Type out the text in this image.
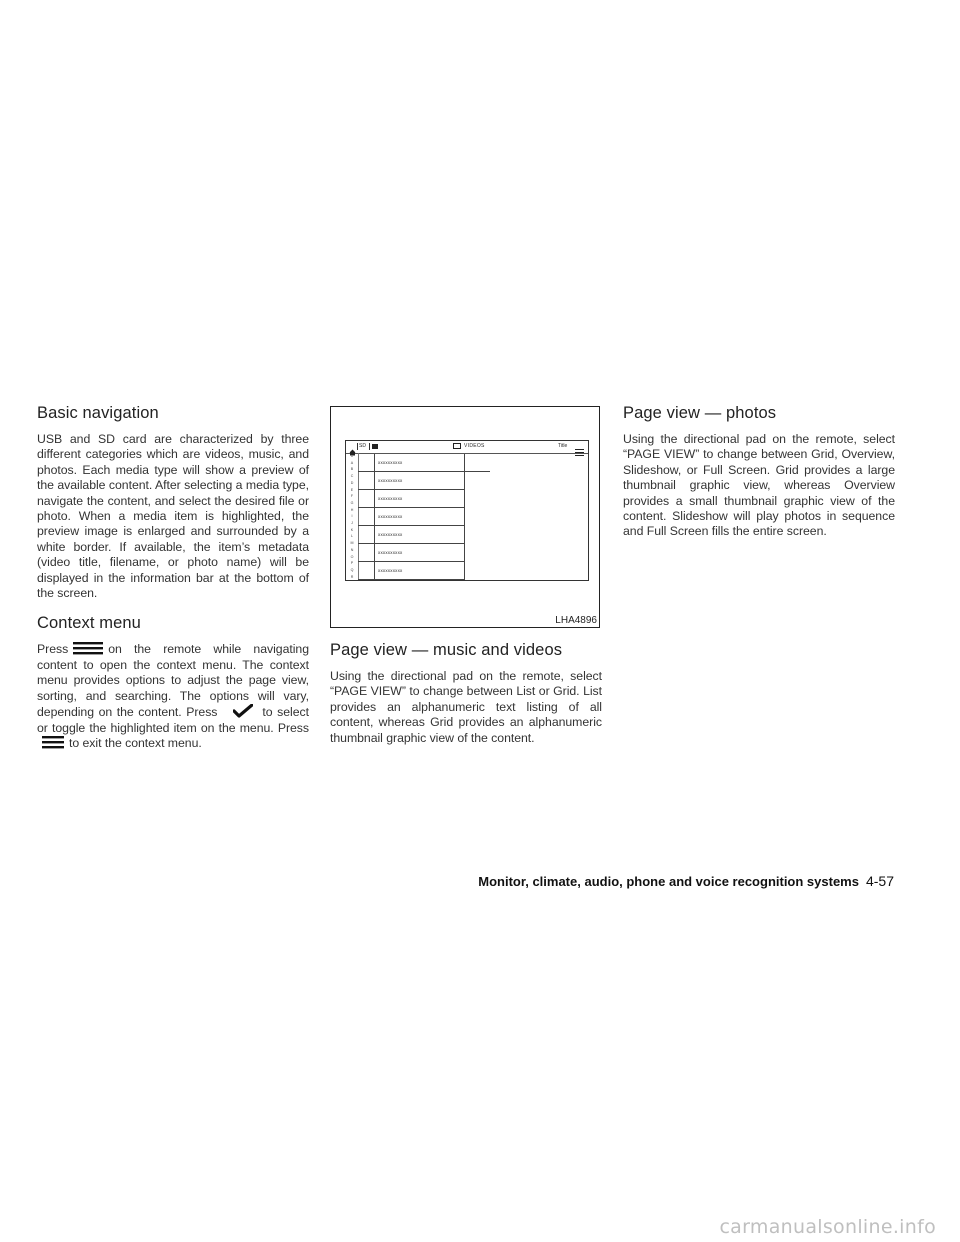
Basic navigation

USB and SD card are characterized by three different categories which are videos, music, and photos. Each media type will show a preview of the available content. After selecting a media type, navigate the content, and select the desired file or photo. When a media item is highlighted, the preview image is enlarged and surrounded by a white border. If available, the item’s metadata (video title, filename, or photo name) will be displayed in the information bar at the bottom of the screen.

Context menu

Press	on the remote while navigating content to open the context menu. The context menu provides options to adjust the page view, sorting, and searching. The options will vary, depending on the content. Press	to select or toggle the highlighted item on the menu. Press
to exit the context menu.

SD	VIDEOS	Title
#
A
B
C
D
E
F
G
H
I
J
K
L
M
N
O
P
Q
R
xxxxxxxxxx
xxxxxxxxxx
xxxxxxxxxx
xxxxxxxxxx
xxxxxxxxxx
xxxxxxxxxx
xxxxxxxxxx
LHA4896
Page view — music and videos

Using the directional pad on the remote, select “PAGE VIEW” to change between List or Grid. List provides an alphanumeric text listing of all content, whereas Grid provides an alphanumeric thumbnail graphic view of the content.

Page view — photos

Using the directional pad on the remote, select “PAGE VIEW” to change between Grid, Overview, Slideshow, or Full Screen. Grid provides a large thumbnail graphic view, whereas Overview provides a small thumbnail graphic view of the content. Slideshow will play photos in sequence and Full Screen fills the entire screen.

Monitor, climate, audio, phone and voice recognition systems 4-57
carmanualsonline.info
